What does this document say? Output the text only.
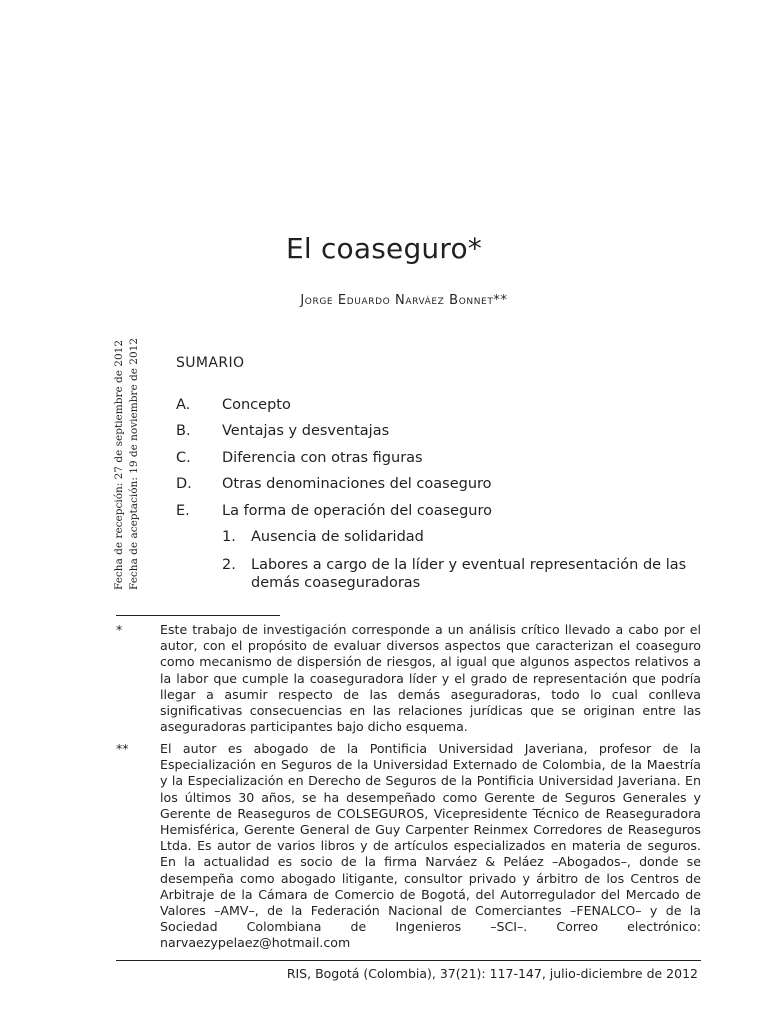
El coaseguro*
Jorge Eduardo Narváez Bonnet**
SUMARIO
A. Concepto
B. Ventajas y desventajas
C. Diferencia con otras figuras
D. Otras denominaciones del coaseguro
E. La forma de operación del coaseguro
1. Ausencia de solidaridad
2. Labores a cargo de la líder y eventual representación de las demás coaseguradoras
Fecha de recepción: 27 de septiembre de 2012 Fecha de aceptación: 19 de noviembre de 2012
*	Este trabajo de investigación corresponde a un análisis crítico llevado a cabo por el autor, con el propósito de evaluar diversos aspectos que caracterizan el coaseguro como mecanismo de dispersión de riesgos, al igual que algunos aspectos relativos a la labor que cumple la coaseguradora líder y el grado de representación que podría llegar a asumir respecto de las demás aseguradoras, todo lo cual conlleva significativas consecuencias en las relaciones jurídicas que se originan entre las aseguradoras participantes bajo dicho esquema.
** El autor es abogado de la Pontificia Universidad Javeriana, profesor de la Especialización en Seguros de la Universidad Externado de Colombia, de la Maestría y la Especialización en Derecho de Seguros de la Pontificia Universidad Javeriana. En los últimos 30 años, se ha desempeñado como Gerente de Seguros Generales y Gerente de Reaseguros de COLSEGUROS, Vicepresidente Técnico de Reaseguradora Hemisférica, Gerente General de Guy Carpenter Reinmex Corredores de Reaseguros Ltda. Es autor de varios libros y de artículos especializados en materia de seguros. En la actualidad es socio de la firma Narváez & Peláez –Abogados–, donde se desempeña como abogado litigante, consultor privado y árbitro de los Centros de Arbitraje de la Cámara de Comercio de Bogotá, del Autorregulador del Mercado de Valores –AMV–, de la Federación Nacional de Comerciantes –FENALCO– y de la Sociedad Colombiana de Ingenieros –SCI–. Correo electrónico: narvaezypelaez@hotmail.com
RIS, Bogotá (Colombia), 37(21): 117-147, julio-diciembre de 2012
